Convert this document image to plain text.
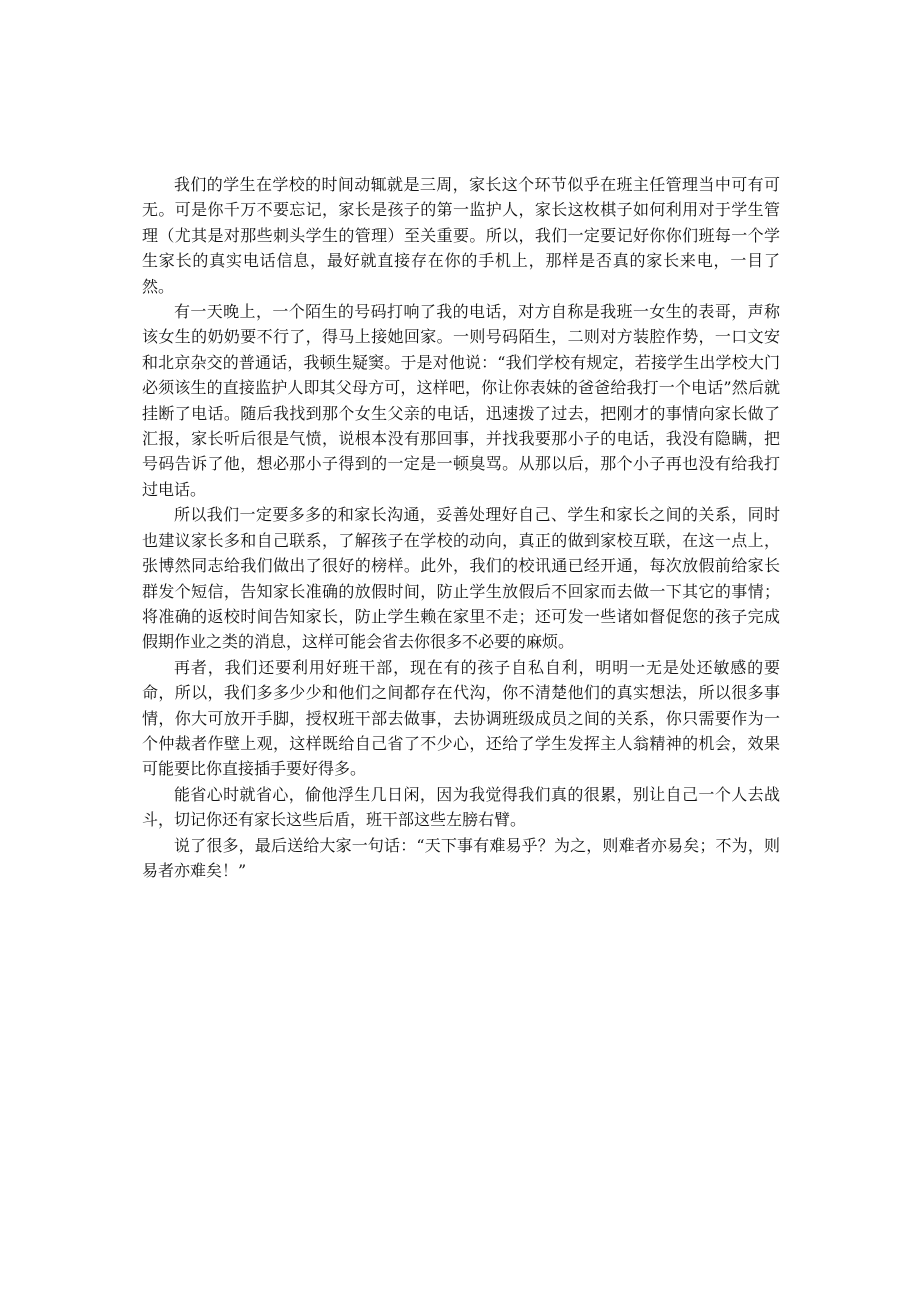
我们的学生在学校的时间动辄就是三周，家长这个环节似乎在班主任管理当中可有可无。可是你千万不要忘记，家长是孩子的第一监护人，家长这枚棋子如何利用对于学生管理（尤其是对那些刺头学生的管理）至关重要。所以，我们一定要记好你你们班每一个学生家长的真实电话信息，最好就直接存在你的手机上，那样是否真的家长来电，一目了然。

有一天晚上，一个陌生的号码打响了我的电话，对方自称是我班一女生的表哥，声称该女生的奶奶要不行了，得马上接她回家。一则号码陌生，二则对方装腔作势，一口文安和北京杂交的普通话，我顿生疑窦。于是对他说：“我们学校有规定，若接学生出学校大门必须该生的直接监护人即其父母方可，这样吧，你让你表妹的爸爸给我打一个电话”然后就挂断了电话。随后我找到那个女生父亲的电话，迅速拨了过去，把刚才的事情向家长做了汇报，家长听后很是气愤，说根本没有那回事，并找我要那小子的电话，我没有隐瞒，把号码告诉了他，想必那小子得到的一定是一顿臭骂。从那以后，那个小子再也没有给我打过电话。

所以我们一定要多多的和家长沟通，妥善处理好自己、学生和家长之间的关系，同时也建议家长多和自己联系，了解孩子在学校的动向，真正的做到家校互联，在这一点上，张博然同志给我们做出了很好的榜样。此外，我们的校讯通已经开通，每次放假前给家长群发个短信，告知家长准确的放假时间，防止学生放假后不回家而去做一下其它的事情；将准确的返校时间告知家长，防止学生赖在家里不走；还可发一些诸如督促您的孩子完成假期作业之类的消息，这样可能会省去你很多不必要的麻烦。

再者，我们还要利用好班干部，现在有的孩子自私自利，明明一无是处还敏感的要命，所以，我们多多少少和他们之间都存在代沟，你不清楚他们的真实想法，所以很多事情，你大可放开手脚，授权班干部去做事，去协调班级成员之间的关系，你只需要作为一个仲裁者作壁上观，这样既给自己省了不少心，还给了学生发挥主人翁精神的机会，效果可能要比你直接插手要好得多。

能省心时就省心，偷他浮生几日闲，因为我觉得我们真的很累，别让自己一个人去战斗，切记你还有家长这些后盾，班干部这些左膀右臂。

说了很多，最后送给大家一句话：“天下事有难易乎？为之，则难者亦易矣；不为，则易者亦难矣！”
